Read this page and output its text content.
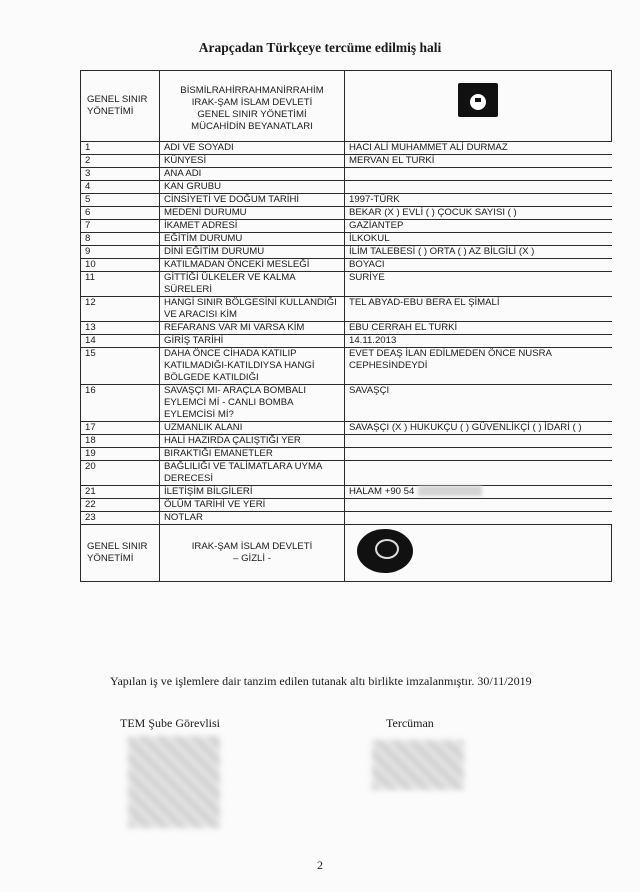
Arapçadan Türkçeye tercüme edilmiş hali
GENEL SINIR YÖNETİMİ	BİSMİLRAHİRRAHMANİRRAHİM
IRAK-ŞAM İSLAM DEVLETİ
GENEL SINIR YÖNETİMİ
MÜCAHİDİN BEYANATLARI	

1	ADI VE SOYADI	HACI ALİ MUHAMMET ALİ DURMAZ
2	KÜNYESİ	MERVAN EL TURKİ
3	ANA ADI	
4	KAN GRUBU	
5	CİNSİYETİ VE DOĞUM TARİHİ	1997-TÜRK
6	MEDENİ DURUMU	BEKAR (X ) EVLİ ( ) ÇOCUK SAYISI ( )
7	İKAMET ADRESİ	GAZİANTEP
8	EĞİTİM DURUMU	İLKOKUL
9	DİNİ EĞİTİM DURUMU	İLİM TALEBESİ ( ) ORTA ( ) AZ BİLGİLİ (X )
10	KATILMADAN ÖNCEKİ MESLEĞİ	BOYACI
11	GİTTİĞİ ÜLKELER VE KALMA SÜRELERİ	SURİYE
12	HANGİ SINIR BÖLGESİNİ KULLANDIĞI VE ARACISI KİM	TEL ABYAD-EBU BERA EL ŞİMALİ
13	REFARANS VAR MI VARSA KİM	EBU CERRAH EL TURKİ
14	GİRİŞ TARİHİ	14.11.2013
15	DAHA ÖNCE CİHADA KATILIP KATILMADIĞI-KATILDIYSA HANGİ BÖLGEDE KATILDIĞI	EVET DEAŞ İLAN EDİLMEDEN ÖNCE NUSRA CEPHESİNDEYDİ
16	SAVAŞÇI MI- ARAÇLA BOMBALI EYLEMCİ Mİ - CANLI BOMBA EYLEMCİSİ Mİ?	SAVAŞÇI
17	UZMANLIK ALANI	SAVAŞÇI (X ) HUKUKÇU ( ) GÜVENLİKÇİ ( ) İDARİ ( )
18	HALİ HAZIRDA ÇALIŞTIĞI YER	
19	BIRAKTIĞI EMANETLER	
20	BAĞLILIĞI VE TALİMATLARA UYMA DERECESİ	
21	İLETİŞİM BİLGİLERİ	HALAM +90 54
22	ÖLÜM TARİHİ VE YERİ	
23	NOTLAR	
GENEL SINIR YÖNETİMİ	IRAK-ŞAM İSLAM DEVLETİ
– GİZLİ -	

Yapılan iş ve işlemlere dair tanzim edilen tutanak altı birlikte imzalanmıştır. 30/11/2019
TEM Şube Görevlisi	Tercüman
2
